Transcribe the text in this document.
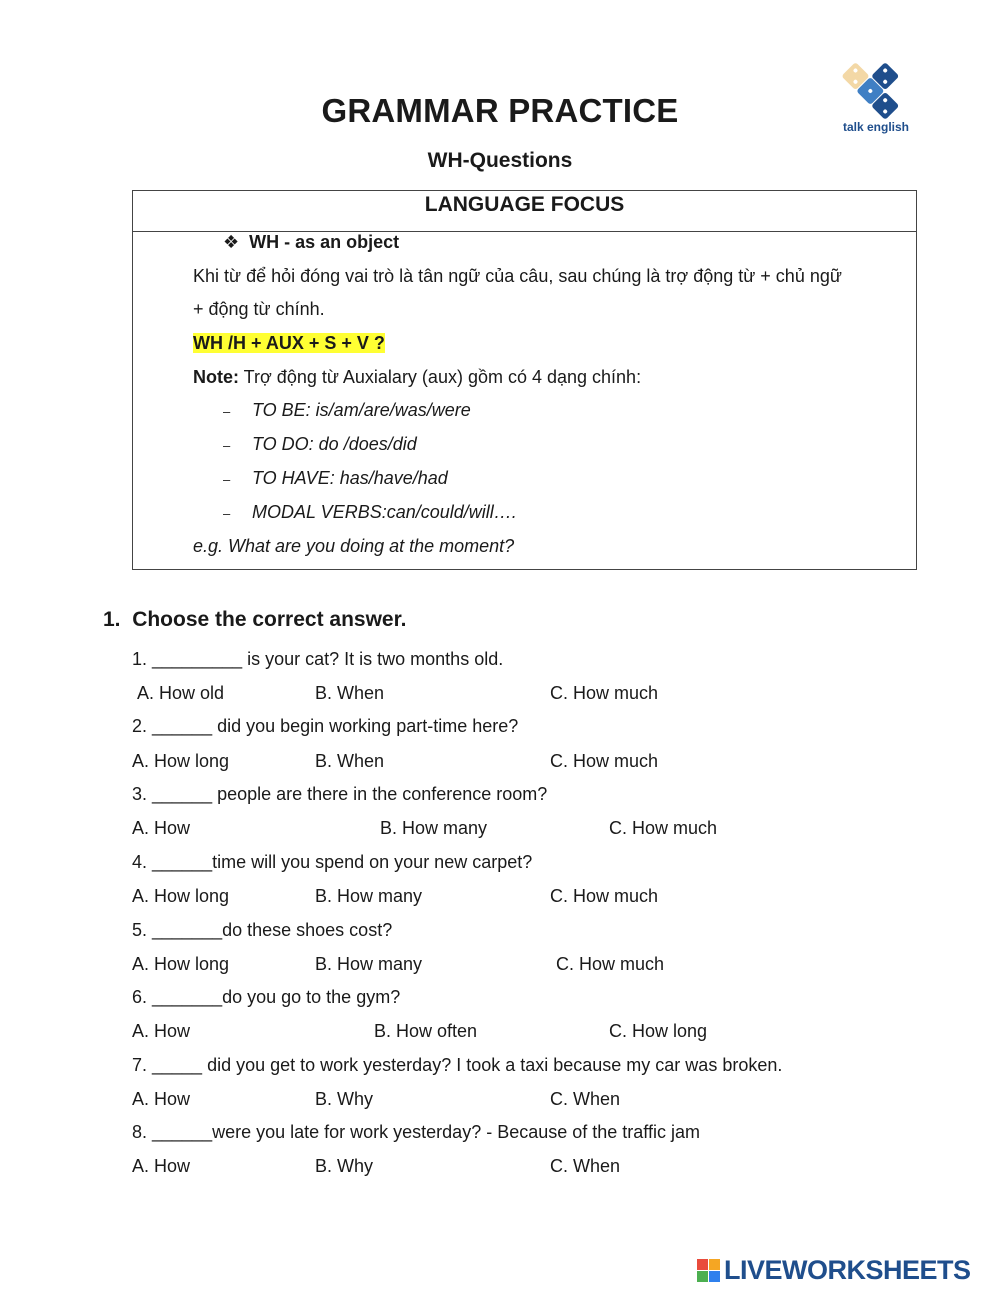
GRAMMAR PRACTICE
WH-Questions
talk english
LANGUAGE FOCUS
❖ WH - as an object
Khi từ để hỏi đóng vai trò là tân ngữ của câu, sau chúng là trợ động từ + chủ ngữ
+ động từ chính.
WH /H + AUX + S + V ?
Note: Trợ động từ Auxialary (aux) gồm có 4 dạng chính:
– TO BE: is/am/are/was/were
– TO DO: do /does/did
– TO HAVE: has/have/had
– MODAL VERBS:can/could/will….
e.g. What are you doing at the moment?
1. Choose the correct answer.
1. _________ is your cat? It is two months old.
A. How old	B. When	C. How much
2. ______ did you begin working part-time here?
A. How long	B. When	C. How much
3. ______ people are there in the conference room?
A. How	B. How many	C. How much
4. ______time will you spend on your new carpet?
A. How long	B. How many	C. How much
5. _______do these shoes cost?
A. How long	B. How many	C. How much
6. _______do you go to the gym?
A. How	B. How often	C. How long
7. _____ did you get to work yesterday? I took a taxi because my car was broken.
A. How	B. Why	C. When
8. ______were you late for work yesterday? - Because of the traffic jam
A. How	B. Why	C. When
LIVEWORKSHEETS
